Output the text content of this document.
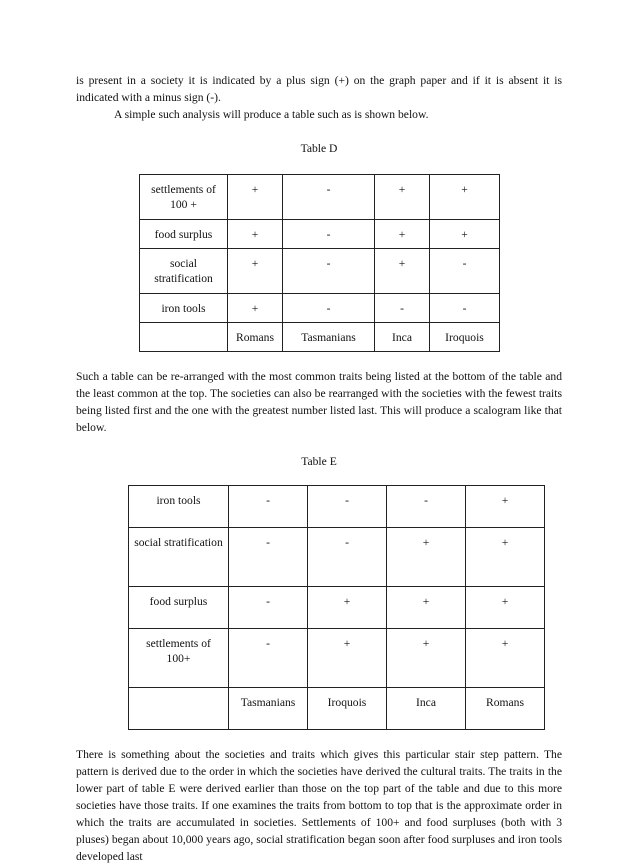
is present in a society it is indicated by a plus sign (+) on the graph paper and if it is absent it is indicated with a minus sign (-).

A simple such analysis will produce a table such as is shown below.

Table D

settlements of 100 +	+	-	+	+
food surplus	+	-	+	+
social stratification	+	-	+	-
iron tools	+	-	-	-
	Romans	Tasmanians	Inca	Iroquois

Such a table can be re-arranged with the most common traits being listed at the bottom of the table and the least common at the top. The societies can also be rearranged with the societies with the fewest traits being listed first and the one with the greatest number listed last. This will produce a scalogram like that below.

Table E

iron tools	-	-	-	+
social stratification	-	-	+	+
food surplus	-	+	+	+
settlements of 100+	-	+	+	+
	Tasmanians	Iroquois	Inca	Romans

There is something about the societies and traits which gives this particular stair step pattern. The pattern is derived due to the order in which the societies have derived the cultural traits. The traits in the lower part of table E were derived earlier than those on the top part of the table and due to this more societies have those traits. If one examines the traits from bottom to top that is the approximate order in which the traits are accumulated in societies. Settlements of 100+ and food surpluses (both with 3 pluses) began about 10,000 years ago, social stratification began soon after food surpluses and iron tools developed last
